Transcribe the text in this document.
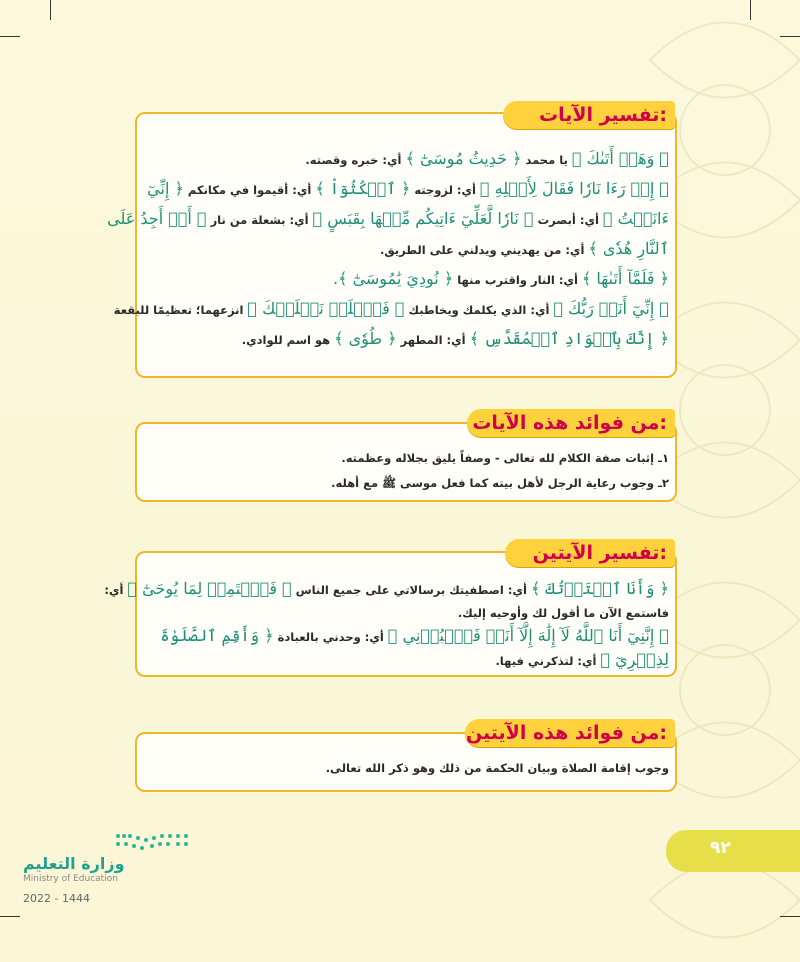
تفسير الآيات:
﴿ وَهَلۡ أَتَىٰكَ ﴾ يا محمد ﴿ حَدِيثُ مُوسَىٰٓ ﴾ أي: خبره وقصته.
﴿ إِذۡ رَءَا نَارٗا فَقَالَ لِأَهۡلِهِ ﴾ أي: لزوجته ﴿ ٱمۡكُثُوٓاْ ﴾ أي: أقيموا في مكانكم ﴿ إِنِّيٓ
ءَانَسۡتُ ﴾ أي: أبصرت ﴿ نَارٗا لَّعَلِّيٓ ءَاتِيكُم مِّنۡهَا بِقَبَسٍ ﴾ أي: بشعلة من نار ﴿ أَوۡ أَجِدُ عَلَى
ٱلنَّارِ هُدٗى ﴾ أي: من يهديني ويدلني على الطريق.
﴿ فَلَمَّآ أَتَىٰهَا ﴾ أي: النار واقترب منها ﴿ نُودِيَ يَٰمُوسَىٰٓ ﴾.
﴿ إِنِّيٓ أَنَا۠ رَبُّكَ ﴾ أي: الذي يكلمك ويخاطبك ﴿ فَٱخۡلَعۡ نَعۡلَيۡكَ ﴾ انزعهما؛ تعظيمًا للبقعة
﴿ إِنَّكَ بِٱلۡوَادِ ٱلۡمُقَدَّسِ ﴾ أي: المطهر ﴿ طُوٗى ﴾ هو اسم للوادي.
من فوائد هذه الآيات:
١ـ إثبات صفة الكلام لله تعالى - وصفاً يليق بجلاله وعظمته.
٢ـ وجوب رعاية الرجل لأهل بيته كما فعل موسى ﷺ مع أهله.
تفسير الآيتين:
﴿ وَأَنَا ٱخۡتَرۡتُكَ ﴾ أي: اصطفيتك برسالاتي على جميع الناس ﴿ فَٱسۡتَمِعۡ لِمَا يُوحَىٰٓ ﴾ أي:
فاستمع الآن ما أقول لك وأوحيه إليك.
﴿ إِنَّنِيٓ أَنَا ٱللَّهُ لَآ إِلَٰهَ إِلَّآ أَنَا۠ فَٱعۡبُدۡنِي ﴾ أي: وحدني بالعبادة ﴿ وَأَقِمِ ٱلصَّلَوٰةَ
لِذِكۡرِيٓ ﴾ أي: لتذكرني فيها.
من فوائد هذه الآيتين:
وجوب إقامة الصلاة وبيان الحكمة من ذلك وهو ذكر الله تعالى.
وزارة التعليم
Ministry of Education
2022 - 1444
٩٢
